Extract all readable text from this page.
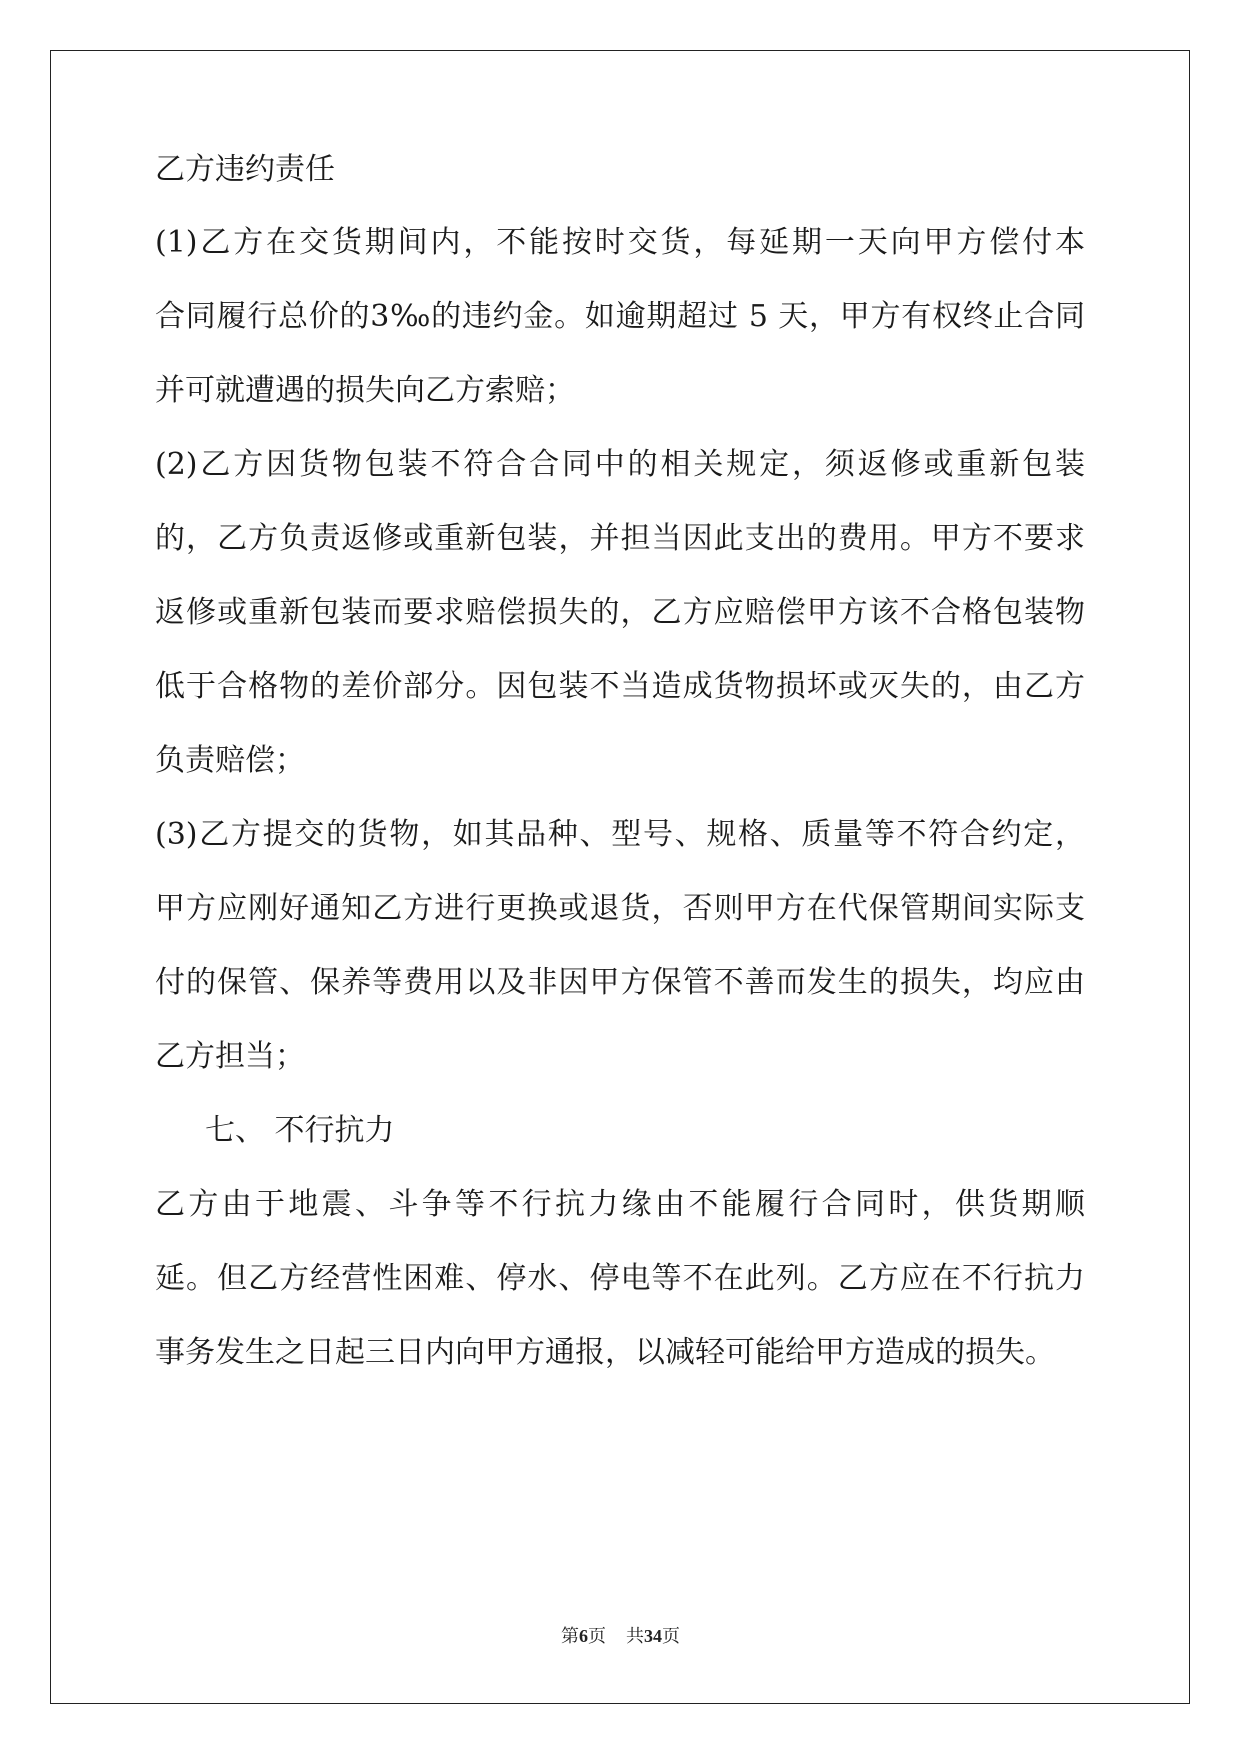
乙方违约责任

(1)乙方在交货期间内，不能按时交货，每延期一天向甲方偿付本

合同履行总价的3‰的违约金。如逾期超过 5 天，甲方有权终止合同

并可就遭遇的损失向乙方索赔；

(2)乙方因货物包装不符合合同中的相关规定，须返修或重新包装

的，乙方负责返修或重新包装，并担当因此支出的费用。甲方不要求

返修或重新包装而要求赔偿损失的，乙方应赔偿甲方该不合格包装物

低于合格物的差价部分。因包装不当造成货物损坏或灭失的，由乙方

负责赔偿；

(3)乙方提交的货物，如其品种、型号、规格、质量等不符合约定，

甲方应刚好通知乙方进行更换或退货，否则甲方在代保管期间实际支

付的保管、保养等费用以及非因甲方保管不善而发生的损失，均应由

乙方担当；

七、 不行抗力

乙方由于地震、斗争等不行抗力缘由不能履行合同时，供货期顺

延。但乙方经营性困难、停水、停电等不在此列。乙方应在不行抗力

事务发生之日起三日内向甲方通报，以减轻可能给甲方造成的损失。

第6页 共34页
